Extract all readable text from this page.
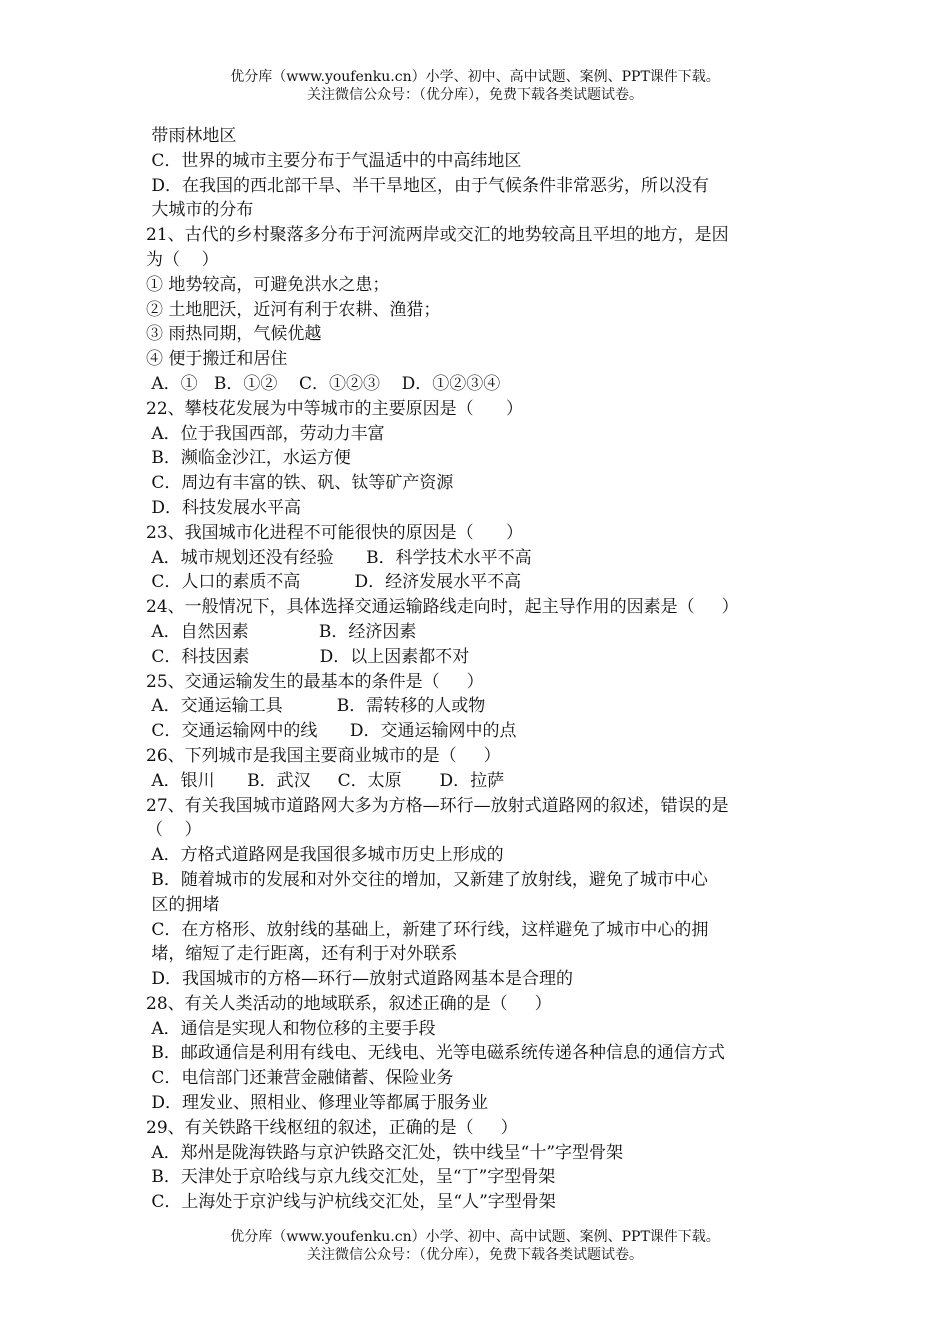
优分库（www.youfenku.cn）小学、初中、高中试题、案例、PPT课件下载。
关注微信公众号：（优分库），免费下载各类试题试卷。
带雨林地区
C．世界的城市主要分布于气温适中的中高纬地区
D．在我国的西北部干旱、半干旱地区，由于气候条件非常恶劣，所以没有
大城市的分布
21、古代的乡村聚落多分布于河流两岸或交汇的地势较高且平坦的地方，是因
为（    ）
① 地势较高，可避免洪水之患；
② 土地肥沃，近河有利于农耕、渔猎；
③ 雨热同期，气候优越
④ 便于搬迁和居住
A．①   B．①②    C．①②③    D．①②③④
22、攀枝花发展为中等城市的主要原因是（      ）
A．位于我国西部，劳动力丰富
B．濒临金沙江，水运方便
C．周边有丰富的铁、矾、钛等矿产资源
D．科技发展水平高
23、我国城市化进程不可能很快的原因是（      ）
A．城市规划还没有经验      B．科学技术水平不高
C．人口的素质不高          D．经济发展水平不高
24、一般情况下，具体选择交通运输路线走向时，起主导作用的因素是（     ）
A．自然因素             B．经济因素
C．科技因素             D．以上因素都不对
25、交通运输发生的最基本的条件是（     ）
A．交通运输工具          B．需转移的人或物
C．交通运输网中的线      D．交通运输网中的点
26、下列城市是我国主要商业城市的是（     ）
A．银川      B．武汉     C．太原       D．拉萨
27、有关我国城市道路网大多为方格—环行—放射式道路网的叙述，错误的是
（    ）
A．方格式道路网是我国很多城市历史上形成的
B．随着城市的发展和对外交往的增加，又新建了放射线，避免了城市中心
区的拥堵
C．在方格形、放射线的基础上，新建了环行线，这样避免了城市中心的拥
堵，缩短了走行距离，还有利于对外联系
D．我国城市的方格—环行—放射式道路网基本是合理的
28、有关人类活动的地域联系，叙述正确的是（     ）
A．通信是实现人和物位移的主要手段
B．邮政通信是利用有线电、无线电、光等电磁系统传递各种信息的通信方式
C．电信部门还兼营金融储蓄、保险业务
D．理发业、照相业、修理业等都属于服务业
29、有关铁路干线枢纽的叙述，正确的是（     ）
A．郑州是陇海铁路与京沪铁路交汇处，铁中线呈“十”字型骨架
B．天津处于京哈线与京九线交汇处，呈“丁”字型骨架
C．上海处于京沪线与沪杭线交汇处，呈“人”字型骨架
优分库（www.youfenku.cn）小学、初中、高中试题、案例、PPT课件下载。
关注微信公众号：（优分库），免费下载各类试题试卷。
